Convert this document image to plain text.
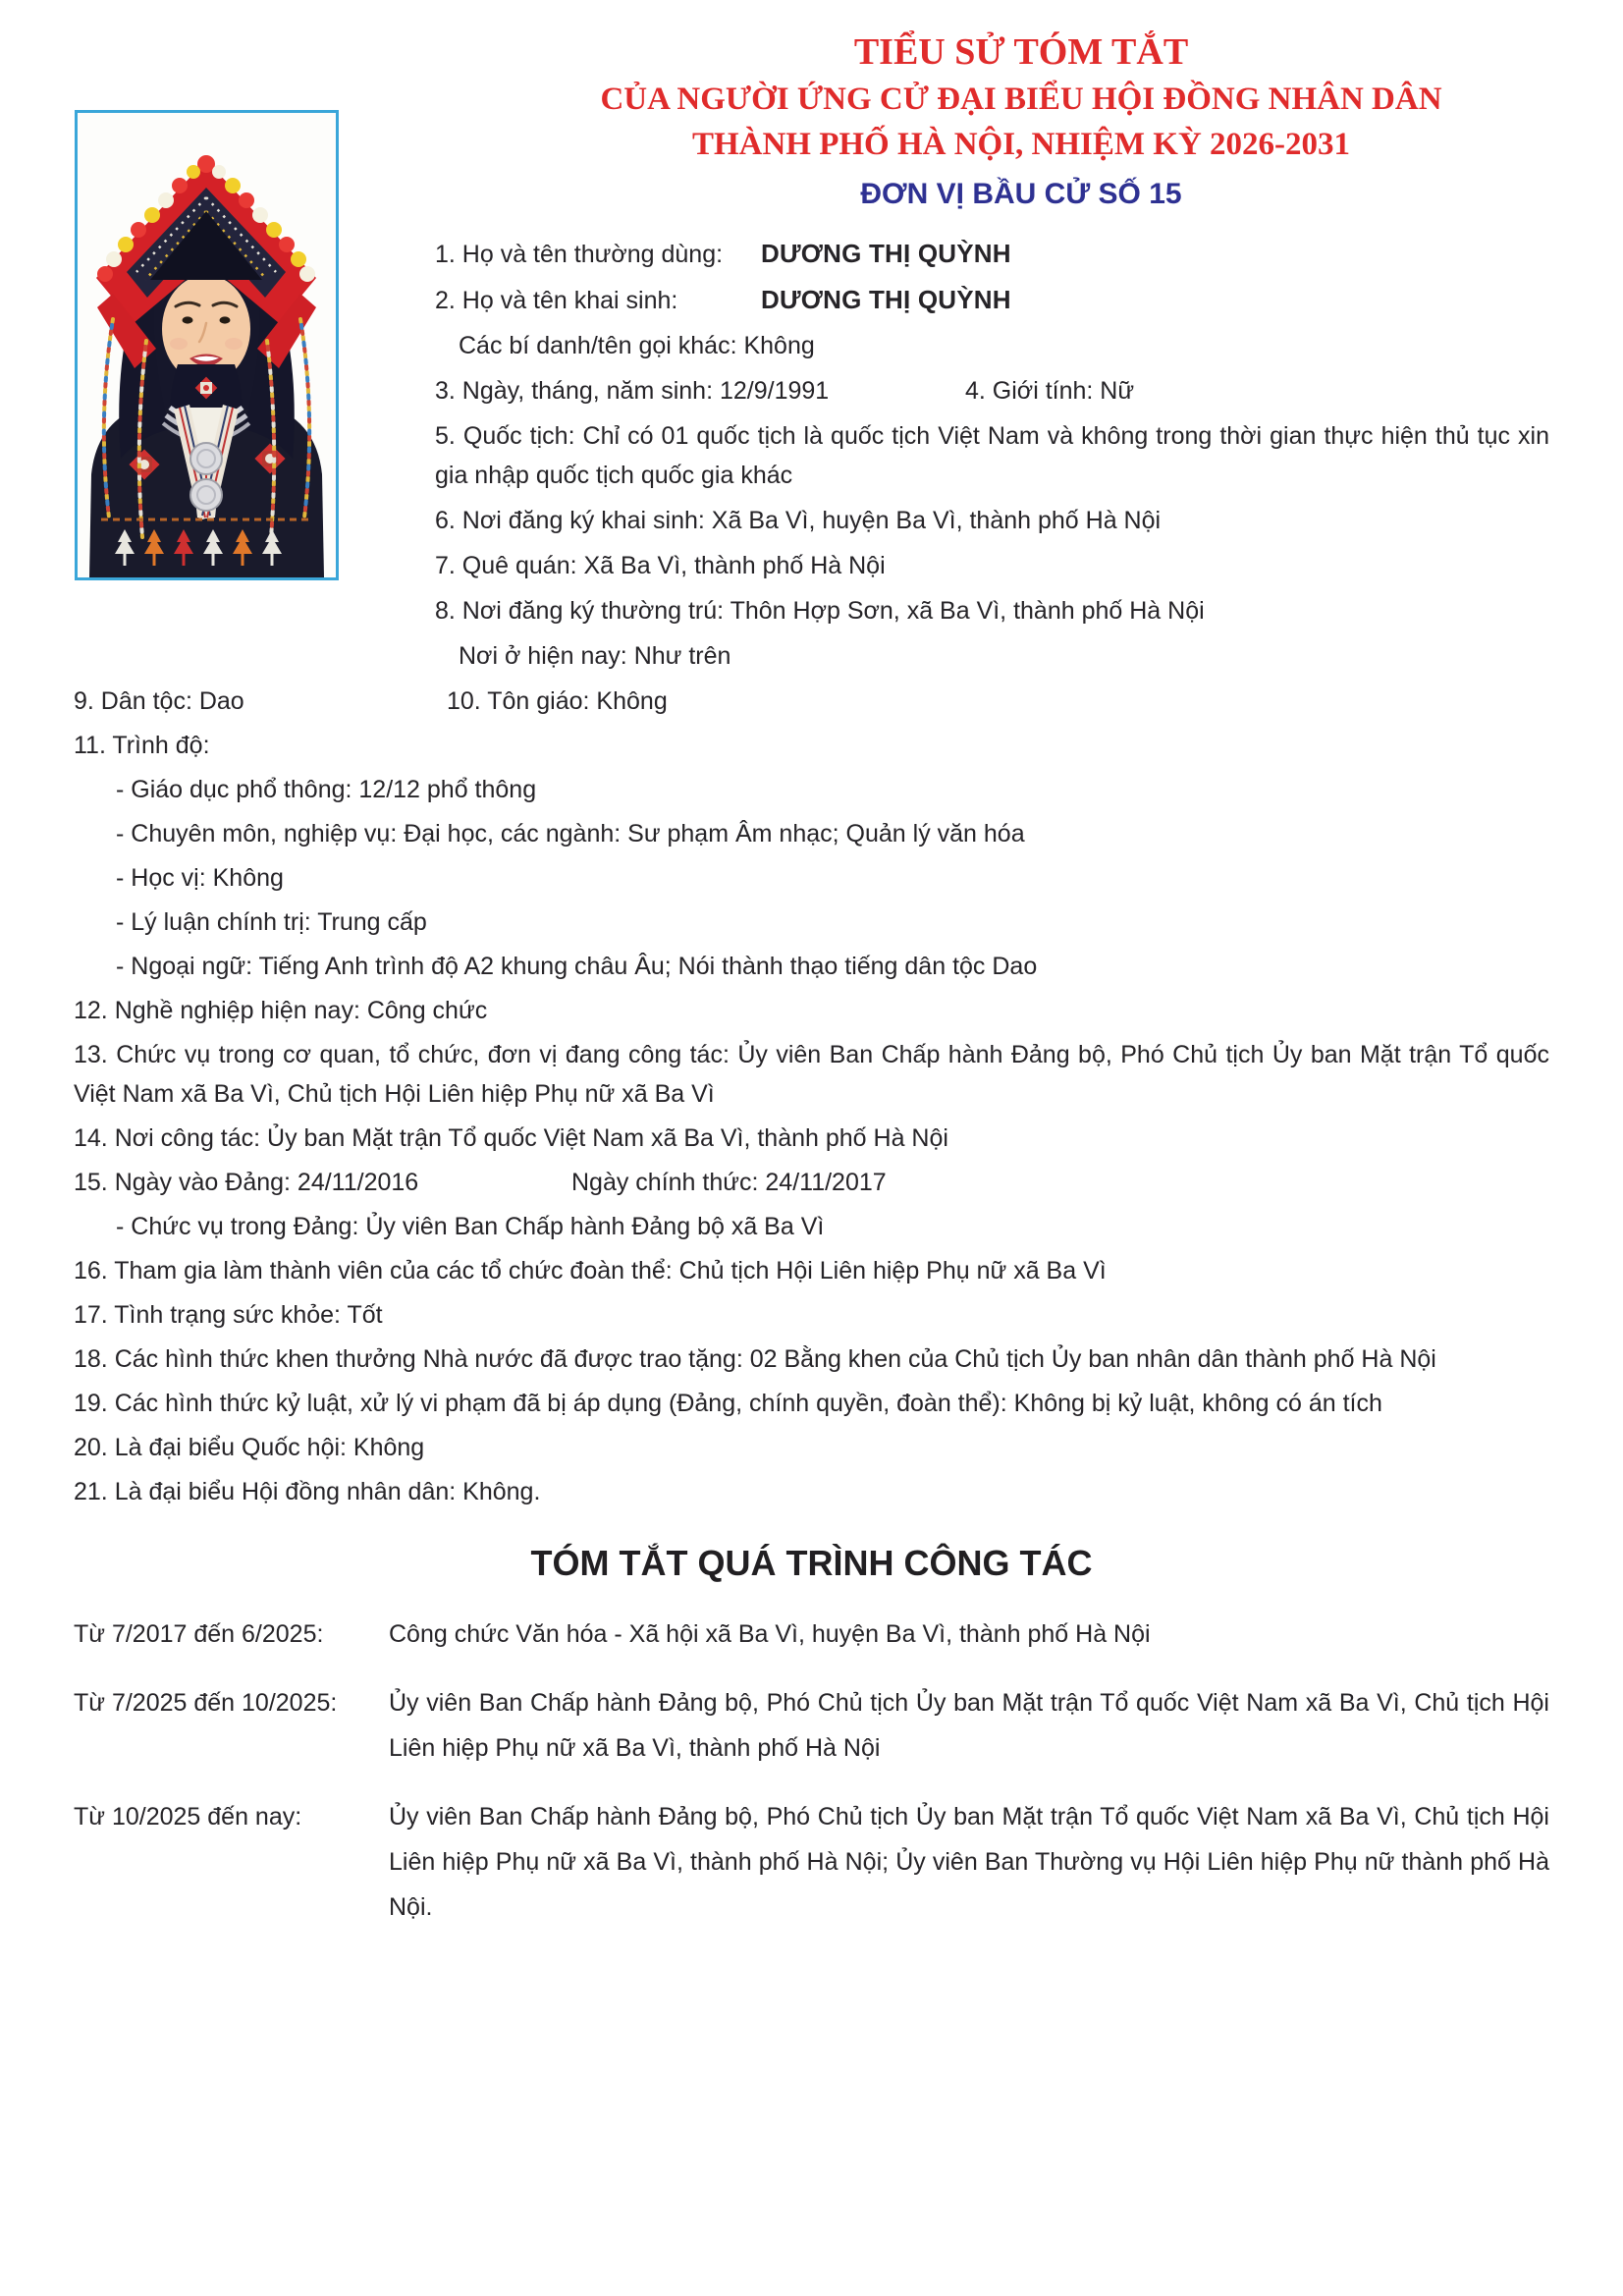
TIỂU SỬ TÓM TẮT
CỦA NGƯỜI ỨNG CỬ ĐẠI BIỂU HỘI ĐỒNG NHÂN DÂN
THÀNH PHỐ HÀ NỘI, NHIỆM KỲ 2026-2031
ĐƠN VỊ BẦU CỬ SỐ 15
1. Họ và tên thường dùng: DƯƠNG THỊ QUỲNH
2. Họ và tên khai sinh:	DƯƠNG THỊ QUỲNH
Các bí danh/tên gọi khác: Không
3. Ngày, tháng, năm sinh: 12/9/1991	4. Giới tính: Nữ
5. Quốc tịch: Chỉ có 01 quốc tịch là quốc tịch Việt Nam và không trong thời gian thực hiện thủ tục xin gia nhập quốc tịch quốc gia khác
6. Nơi đăng ký khai sinh: Xã Ba Vì, huyện Ba Vì, thành phố Hà Nội
7. Quê quán: Xã Ba Vì, thành phố Hà Nội
8. Nơi đăng ký thường trú: Thôn Hợp Sơn, xã Ba Vì, thành phố Hà Nội
Nơi ở hiện nay: Như trên
9. Dân tộc: Dao	10. Tôn giáo: Không
11. Trình độ:
- Giáo dục phổ thông: 12/12 phổ thông
- Chuyên môn, nghiệp vụ: Đại học, các ngành: Sư phạm Âm nhạc; Quản lý văn hóa
- Học vị: Không
- Lý luận chính trị: Trung cấp
- Ngoại ngữ: Tiếng Anh trình độ A2 khung châu Âu; Nói thành thạo tiếng dân tộc Dao
12. Nghề nghiệp hiện nay: Công chức
13. Chức vụ trong cơ quan, tổ chức, đơn vị đang công tác: Ủy viên Ban Chấp hành Đảng bộ, Phó Chủ tịch Ủy ban Mặt trận Tổ quốc Việt Nam xã Ba Vì, Chủ tịch Hội Liên hiệp Phụ nữ xã Ba Vì
14. Nơi công tác: Ủy ban Mặt trận Tổ quốc Việt Nam xã Ba Vì, thành phố Hà Nội
15. Ngày vào Đảng: 24/11/2016	Ngày chính thức: 24/11/2017
- Chức vụ trong Đảng: Ủy viên Ban Chấp hành Đảng bộ xã Ba Vì
16. Tham gia làm thành viên của các tổ chức đoàn thể: Chủ tịch Hội Liên hiệp Phụ nữ xã Ba Vì
17. Tình trạng sức khỏe: Tốt
18. Các hình thức khen thưởng Nhà nước đã được trao tặng: 02 Bằng khen của Chủ tịch Ủy ban nhân dân thành phố Hà Nội
19. Các hình thức kỷ luật, xử lý vi phạm đã bị áp dụng (Đảng, chính quyền, đoàn thể): Không bị kỷ luật, không có án tích
20. Là đại biểu Quốc hội: Không
21. Là đại biểu Hội đồng nhân dân: Không.
TÓM TẮT QUÁ TRÌNH CÔNG TÁC
Từ 7/2017 đến 6/2025:	Công chức Văn hóa - Xã hội xã Ba Vì, huyện Ba Vì, thành phố Hà Nội
Từ 7/2025 đến 10/2025:	Ủy viên Ban Chấp hành Đảng bộ, Phó Chủ tịch Ủy ban Mặt trận Tổ quốc Việt Nam xã Ba Vì, Chủ tịch Hội Liên hiệp Phụ nữ xã Ba Vì, thành phố Hà Nội
Từ 10/2025 đến nay:	Ủy viên Ban Chấp hành Đảng bộ, Phó Chủ tịch Ủy ban Mặt trận Tổ quốc Việt Nam xã Ba Vì, Chủ tịch Hội Liên hiệp Phụ nữ xã Ba Vì, thành phố Hà Nội; Ủy viên Ban Thường vụ Hội Liên hiệp Phụ nữ thành phố Hà Nội.
